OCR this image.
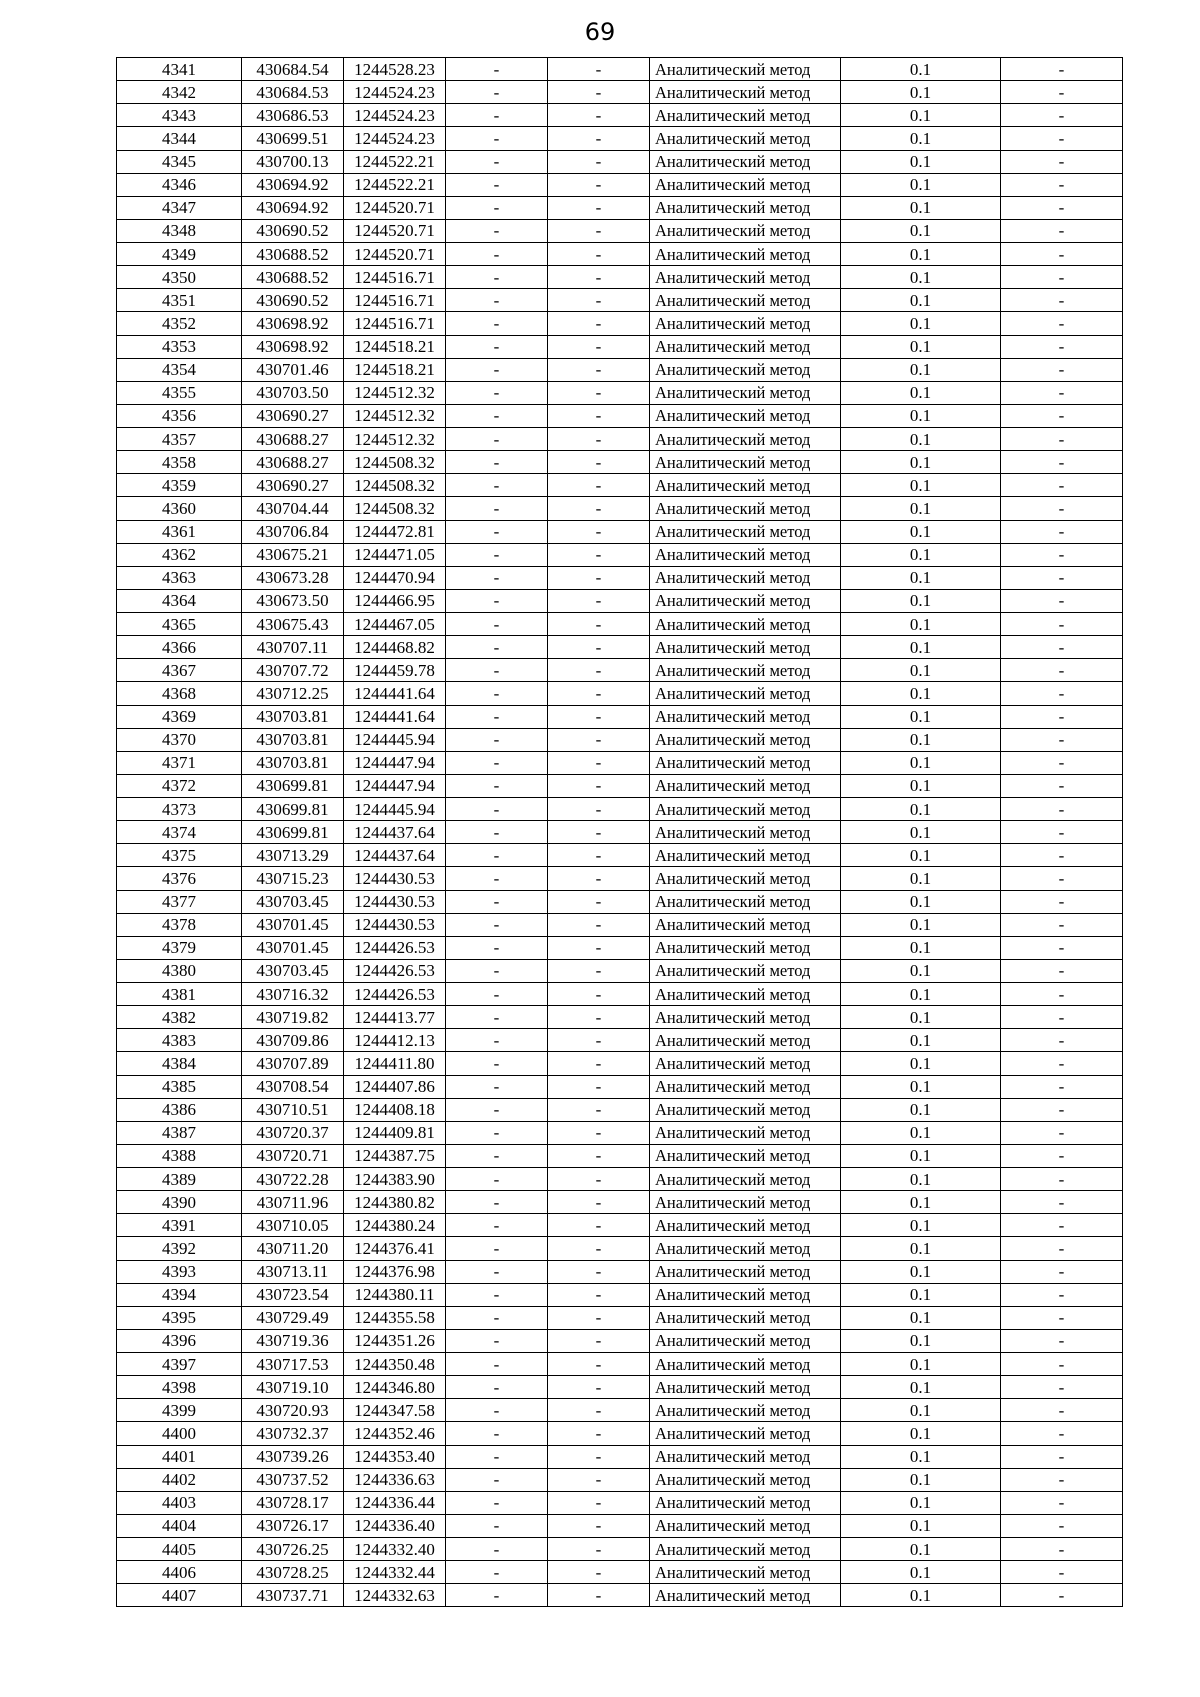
69
4341	430684.54	1244528.23	-	-	Аналитический метод	0.1	-
4342	430684.53	1244524.23	-	-	Аналитический метод	0.1	-
4343	430686.53	1244524.23	-	-	Аналитический метод	0.1	-
4344	430699.51	1244524.23	-	-	Аналитический метод	0.1	-
4345	430700.13	1244522.21	-	-	Аналитический метод	0.1	-
4346	430694.92	1244522.21	-	-	Аналитический метод	0.1	-
4347	430694.92	1244520.71	-	-	Аналитический метод	0.1	-
4348	430690.52	1244520.71	-	-	Аналитический метод	0.1	-
4349	430688.52	1244520.71	-	-	Аналитический метод	0.1	-
4350	430688.52	1244516.71	-	-	Аналитический метод	0.1	-
4351	430690.52	1244516.71	-	-	Аналитический метод	0.1	-
4352	430698.92	1244516.71	-	-	Аналитический метод	0.1	-
4353	430698.92	1244518.21	-	-	Аналитический метод	0.1	-
4354	430701.46	1244518.21	-	-	Аналитический метод	0.1	-
4355	430703.50	1244512.32	-	-	Аналитический метод	0.1	-
4356	430690.27	1244512.32	-	-	Аналитический метод	0.1	-
4357	430688.27	1244512.32	-	-	Аналитический метод	0.1	-
4358	430688.27	1244508.32	-	-	Аналитический метод	0.1	-
4359	430690.27	1244508.32	-	-	Аналитический метод	0.1	-
4360	430704.44	1244508.32	-	-	Аналитический метод	0.1	-
4361	430706.84	1244472.81	-	-	Аналитический метод	0.1	-
4362	430675.21	1244471.05	-	-	Аналитический метод	0.1	-
4363	430673.28	1244470.94	-	-	Аналитический метод	0.1	-
4364	430673.50	1244466.95	-	-	Аналитический метод	0.1	-
4365	430675.43	1244467.05	-	-	Аналитический метод	0.1	-
4366	430707.11	1244468.82	-	-	Аналитический метод	0.1	-
4367	430707.72	1244459.78	-	-	Аналитический метод	0.1	-
4368	430712.25	1244441.64	-	-	Аналитический метод	0.1	-
4369	430703.81	1244441.64	-	-	Аналитический метод	0.1	-
4370	430703.81	1244445.94	-	-	Аналитический метод	0.1	-
4371	430703.81	1244447.94	-	-	Аналитический метод	0.1	-
4372	430699.81	1244447.94	-	-	Аналитический метод	0.1	-
4373	430699.81	1244445.94	-	-	Аналитический метод	0.1	-
4374	430699.81	1244437.64	-	-	Аналитический метод	0.1	-
4375	430713.29	1244437.64	-	-	Аналитический метод	0.1	-
4376	430715.23	1244430.53	-	-	Аналитический метод	0.1	-
4377	430703.45	1244430.53	-	-	Аналитический метод	0.1	-
4378	430701.45	1244430.53	-	-	Аналитический метод	0.1	-
4379	430701.45	1244426.53	-	-	Аналитический метод	0.1	-
4380	430703.45	1244426.53	-	-	Аналитический метод	0.1	-
4381	430716.32	1244426.53	-	-	Аналитический метод	0.1	-
4382	430719.82	1244413.77	-	-	Аналитический метод	0.1	-
4383	430709.86	1244412.13	-	-	Аналитический метод	0.1	-
4384	430707.89	1244411.80	-	-	Аналитический метод	0.1	-
4385	430708.54	1244407.86	-	-	Аналитический метод	0.1	-
4386	430710.51	1244408.18	-	-	Аналитический метод	0.1	-
4387	430720.37	1244409.81	-	-	Аналитический метод	0.1	-
4388	430720.71	1244387.75	-	-	Аналитический метод	0.1	-
4389	430722.28	1244383.90	-	-	Аналитический метод	0.1	-
4390	430711.96	1244380.82	-	-	Аналитический метод	0.1	-
4391	430710.05	1244380.24	-	-	Аналитический метод	0.1	-
4392	430711.20	1244376.41	-	-	Аналитический метод	0.1	-
4393	430713.11	1244376.98	-	-	Аналитический метод	0.1	-
4394	430723.54	1244380.11	-	-	Аналитический метод	0.1	-
4395	430729.49	1244355.58	-	-	Аналитический метод	0.1	-
4396	430719.36	1244351.26	-	-	Аналитический метод	0.1	-
4397	430717.53	1244350.48	-	-	Аналитический метод	0.1	-
4398	430719.10	1244346.80	-	-	Аналитический метод	0.1	-
4399	430720.93	1244347.58	-	-	Аналитический метод	0.1	-
4400	430732.37	1244352.46	-	-	Аналитический метод	0.1	-
4401	430739.26	1244353.40	-	-	Аналитический метод	0.1	-
4402	430737.52	1244336.63	-	-	Аналитический метод	0.1	-
4403	430728.17	1244336.44	-	-	Аналитический метод	0.1	-
4404	430726.17	1244336.40	-	-	Аналитический метод	0.1	-
4405	430726.25	1244332.40	-	-	Аналитический метод	0.1	-
4406	430728.25	1244332.44	-	-	Аналитический метод	0.1	-
4407	430737.71	1244332.63	-	-	Аналитический метод	0.1	-
